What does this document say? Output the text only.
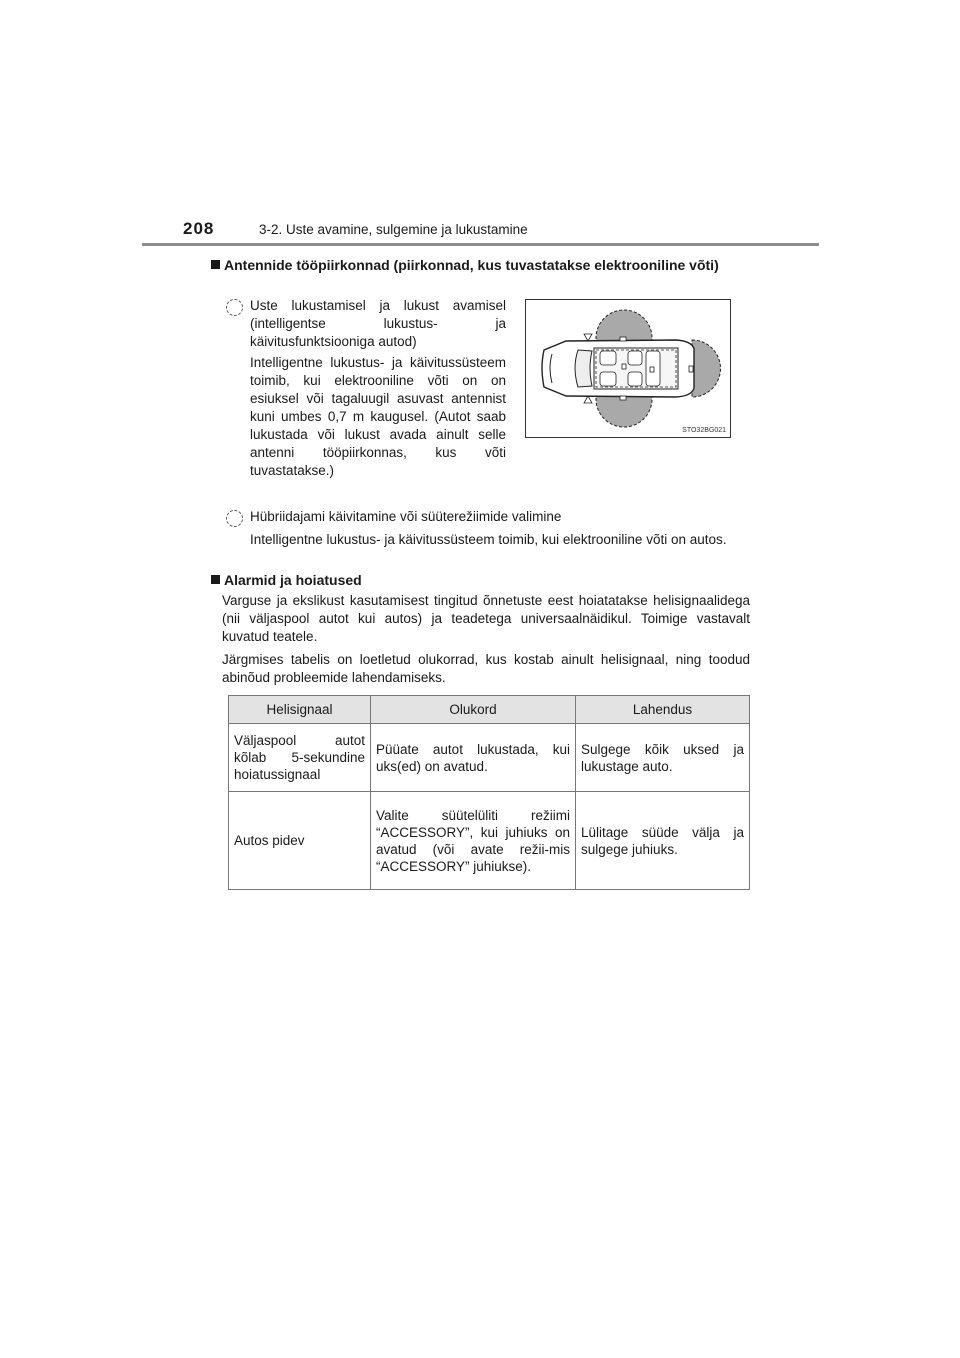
208	3-2. Uste avamine, sulgemine ja lukustamine
Antennide tööpiirkonnad (piirkonnad, kus tuvastatakse elektrooniline võti)
Uste lukustamisel ja lukust avamisel (intelligentse lukustus- ja käivitusfunktsiooniga autod)
Intelligentne lukustus- ja käivitussüsteem toimib, kui elektrooniline võti on on esiuksel või tagaluugil asuvast antennist kuni umbes 0,7 m kaugusel. (Autot saab lukustada või lukust avada ainult selle antenni tööpiirkonnas, kus võti tuvastatakse.)
STO32BG021
Hübriidajami käivitamine või süüterežiimide valimine
Intelligentne lukustus- ja käivitussüsteem toimib, kui elektrooniline võti on autos.
Alarmid ja hoiatused
Varguse ja ekslikust kasutamisest tingitud õnnetuste eest hoiatatakse helisignaalidega (nii väljaspool autot kui autos) ja teadetega universaalnäidikul. Toimige vastavalt kuvatud teatele.
Järgmises tabelis on loetletud olukorrad, kus kostab ainult helisignaal, ning toodud abinõud probleemide lahendamiseks.
Helisignaal	Olukord	Lahendus
Väljaspool autot kõlab 5-sekundine hoiatussignaal	Püüate autot lukustada, kui uks(ed) on avatud.	Sulgege kõik uksed ja lukustage auto.
Autos pidev	Valite süütelüliti režiimi “ACCESSORY”, kui juhiuks on avatud (või avate režii-mis “ACCESSORY” juhiukse).	Lülitage süüde välja ja sulgege juhiuks.
